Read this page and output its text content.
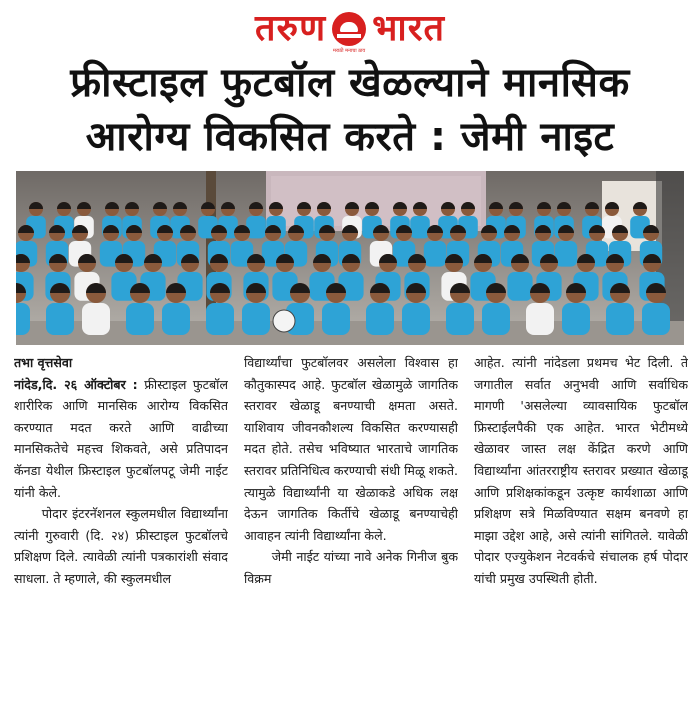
तरुण
मराठी मनाचा ठाव
भारत
फ्रीस्टाइल फुटबॉल खेळल्याने मानसिक
आरोग्य विकसित करते : जेमी नाइट

तभा वृत्तसेवा
नांदेड,दि. २६ ऑक्टोबर : फ्रीस्टाइल फुटबॉल शारीरिक आणि मानसिक आरोग्य विकसित करण्यात मदत करते आणि वाढीच्या मानसिकतेचे महत्त्व शिकवते, असे प्रतिपादन कॅनडा येथील फ्रिस्टाइल फुटबॉलपटू जेमी नाईट यांनी केले.

पोदार इंटरनॅशनल स्कुलमधील विद्यार्थ्यांना त्यांनी गुरुवारी (दि. २४) फ्रीस्टाइल फुटबॉलचे प्रशिक्षण दिले. त्यावेळी त्यांनी पत्रकारांशी संवाद साधला. ते म्हणाले, की स्कुलमधील

विद्यार्थ्यांचा फुटबॉलवर असलेला विश्वास हा कौतुकास्पद आहे. फुटबॉल खेळामुळे जागतिक स्तरावर खेळाडू बनण्याची क्षमता असते. याशिवाय जीवनकौशल्य विकसित करण्यासही मदत होते. तसेच भविष्यात भारताचे जागतिक स्तरावर प्रतिनिधित्व करण्याची संधी मिळू शकते. त्यामुळे विद्यार्थ्यांनी या खेळाकडे अधिक लक्ष देऊन जागतिक किर्तीचे खेळाडू बनण्याचेही आवाहन त्यांनी विद्यार्थ्यांना केले.

जेमी नाईट यांच्या नावे अनेक गिनीज बुक विक्रम

आहेत. त्यांनी नांदेडला प्रथमच भेट दिली. ते जगातील सर्वात अनुभवी आणि सर्वाधिक मागणी 'असलेल्या व्यावसायिक फुटबॉल फ्रिस्टाईलपैकी एक आहेत. भारत भेटीमध्ये खेळावर जास्त लक्ष केंद्रित करणे आणि विद्यार्थ्यांना आंतरराष्ट्रीय स्तरावर प्रख्यात खेळाडू आणि प्रशिक्षकांकडून उत्कृष्ट कार्यशाळा आणि प्रशिक्षण सत्रे मिळविण्यात सक्षम बनवणे हा माझा उद्देश आहे, असे त्यांनी सांगितले. यावेळी पोदार एज्युकेशन नेटवर्कचे संचालक हर्ष पोदार यांची प्रमुख उपस्थिती होती.
